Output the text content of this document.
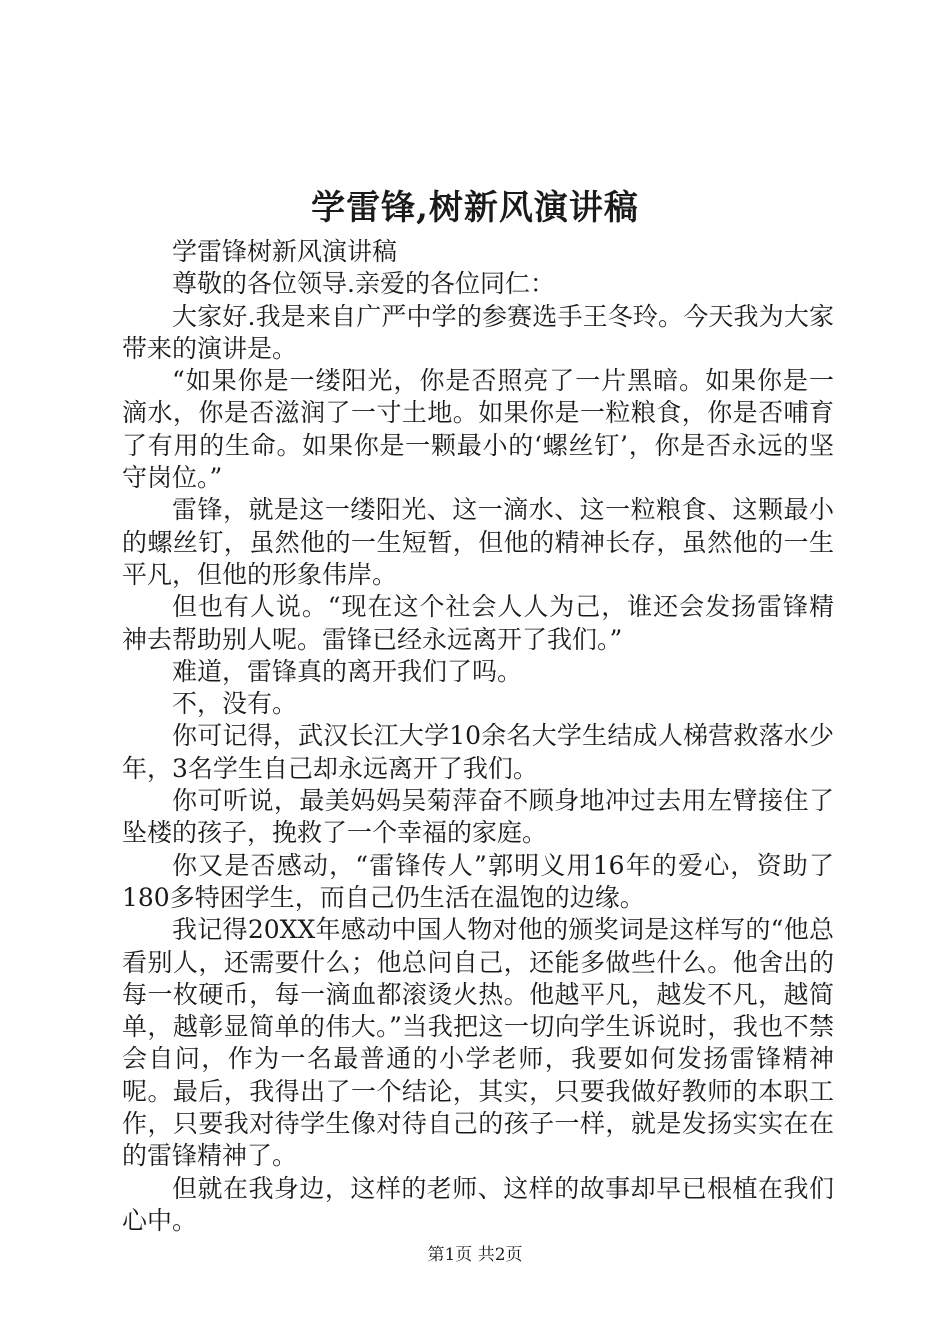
学雷锋,树新风演讲稿

学雷锋树新风演讲稿

尊敬的各位领导.亲爱的各位同仁：

大家好.我是来自广严中学的参赛选手王冬玲。今天我为大家带来的演讲是。

“如果你是一缕阳光，你是否照亮了一片黑暗。如果你是一滴水，你是否滋润了一寸土地。如果你是一粒粮食，你是否哺育了有用的生命。如果你是一颗最小的‘螺丝钉’，你是否永远的坚守岗位。”

雷锋，就是这一缕阳光、这一滴水、这一粒粮食、这颗最小的螺丝钉，虽然他的一生短暂，但他的精神长存，虽然他的一生平凡，但他的形象伟岸。

但也有人说。“现在这个社会人人为己，谁还会发扬雷锋精神去帮助别人呢。雷锋已经永远离开了我们。”

难道，雷锋真的离开我们了吗。

不，没有。

你可记得，武汉长江大学10余名大学生结成人梯营救落水少年，3名学生自己却永远离开了我们。

你可听说，最美妈妈吴菊萍奋不顾身地冲过去用左臂接住了坠楼的孩子，挽救了一个幸福的家庭。

你又是否感动，“雷锋传人”郭明义用16年的爱心，资助了180多特困学生，而自己仍生活在温饱的边缘。

我记得20XX年感动中国人物对他的颁奖词是这样写的“他总看别人，还需要什么；他总问自己，还能多做些什么。他舍出的每一枚硬币，每一滴血都滚烫火热。他越平凡，越发不凡，越简单，越彰显简单的伟大。”当我把这一切向学生诉说时，我也不禁会自问，作为一名最普通的小学老师，我要如何发扬雷锋精神呢。最后，我得出了一个结论，其实，只要我做好教师的本职工作，只要我对待学生像对待自己的孩子一样，就是发扬实实在在的雷锋精神了。

但就在我身边，这样的老师、这样的故事却早已根植在我们心中。

第1页 共2页
